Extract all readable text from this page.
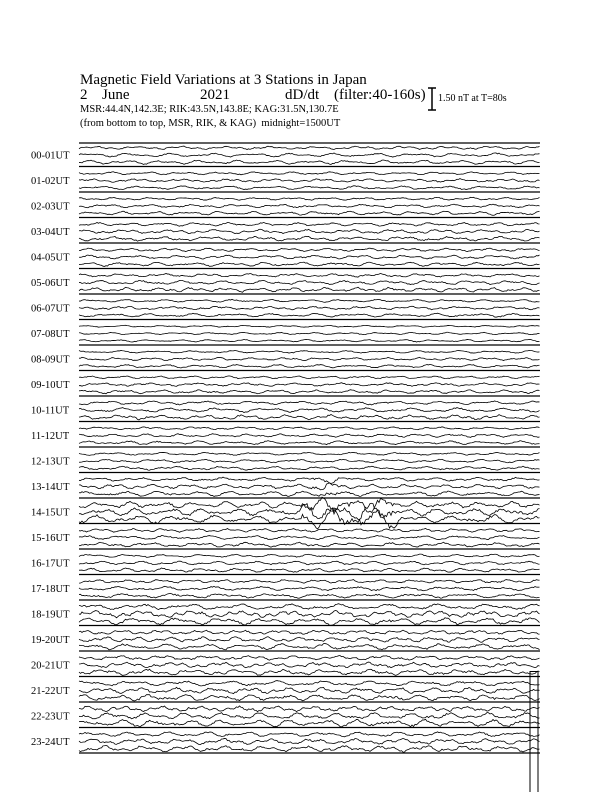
Magnetic Field Variations at 3 Stations in Japan
2 June	2021	dD/dt (filter:40-160s)
MSR:44.4N,142.3E; RIK:43.5N,143.8E; KAG:31.5N,130.7E
(from bottom to top, MSR, RIK, & KAG) midnight=1500UT
1.50 nT at T=80s
00-01UT
01-02UT
02-03UT
03-04UT
04-05UT
05-06UT
06-07UT
07-08UT
08-09UT
09-10UT
10-11UT
11-12UT
12-13UT
13-14UT
14-15UT
15-16UT
16-17UT
17-18UT
18-19UT
19-20UT
20-21UT
21-22UT
22-23UT
23-24UT
